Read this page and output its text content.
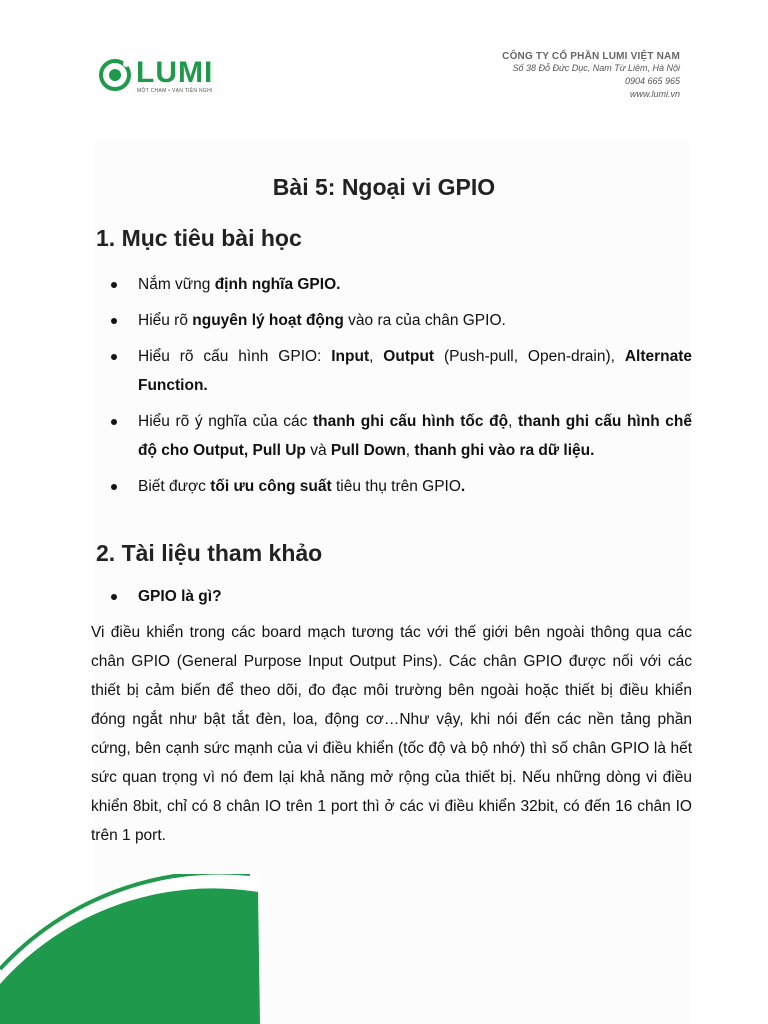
LUMI
MỘT CHẠM • VẠN TIỆN NGHI
CÔNG TY CỔ PHẦN LUMI VIỆT NAM
Số 38 Đỗ Đức Dục, Nam Từ Liêm, Hà Nội
0904 665 965
www.lumi.vn
Bài 5: Ngoại vi GPIO
1. Mục tiêu bài học
Nắm vững định nghĩa GPIO.
Hiểu rõ nguyên lý hoạt động vào ra của chân GPIO.
Hiểu rõ cấu hình GPIO: Input, Output (Push-pull, Open-drain), Alternate Function.
Hiểu rõ ý nghĩa của các thanh ghi cấu hình tốc độ, thanh ghi cấu hình chế độ cho Output, Pull Up và Pull Down, thanh ghi vào ra dữ liệu.
Biết được tối ưu công suất tiêu thụ trên GPIO.
2. Tài liệu tham khảo
GPIO là gì?

Vi điều khiển trong các board mạch tương tác với thế giới bên ngoài thông qua các chân GPIO (General Purpose Input Output Pins). Các chân GPIO được nối với các thiết bị cảm biến để theo dõi, đo đạc môi trường bên ngoài hoặc thiết bị điều khiển đóng ngắt như bật tắt đèn, loa, động cơ…Như vậy, khi nói đến các nền tảng phần cứng, bên cạnh sức mạnh của vi điều khiển (tốc độ và bộ nhớ) thì số chân GPIO là hết sức quan trọng vì nó đem lại khả năng mở rộng của thiết bị. Nếu những dòng vi điều khiển 8bit, chỉ có 8 chân IO trên 1 port thì ở các vi điều khiển 32bit, có đến 16 chân IO trên 1 port.
